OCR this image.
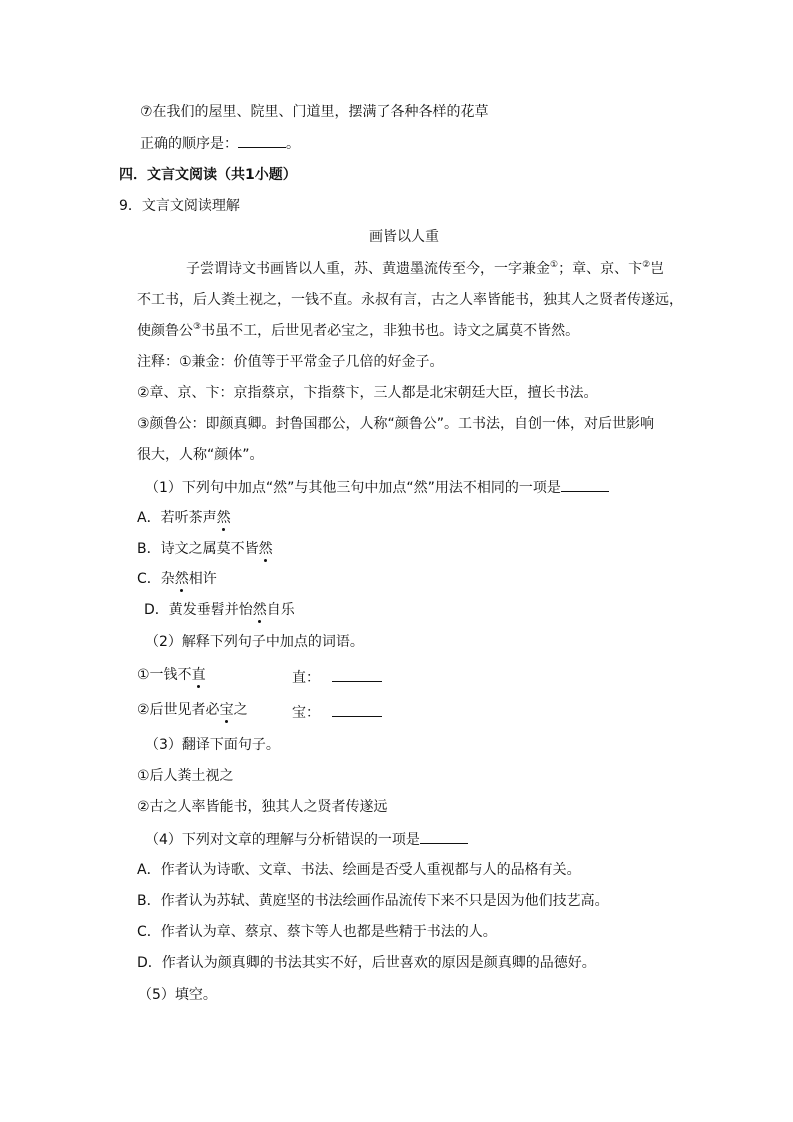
⑦在我们的屋里、院里、门道里，摆满了各种各样的花草
正确的顺序是：	。
四．文言文阅读（共1小题）
9．文言文阅读理解
画皆以人重
子尝谓诗文书画皆以人重，苏、黄遗墨流传至今，一字兼金①；章、京、卞②岂
不工书，后人粪土视之，一钱不直。永叔有言，古之人率皆能书，独其人之贤者传遂远，
使颜鲁公③书虽不工，后世见者必宝之，非独书也。诗文之属莫不皆然。
注释：①兼金：价值等于平常金子几倍的好金子。
②章、京、卞：京指蔡京，卞指蔡卞，三人都是北宋朝廷大臣，擅长书法。
③颜鲁公：即颜真卿。封鲁国郡公，人称“颜鲁公”。工书法，自创一体，对后世影响
很大，人称“颜体”。
（1）下列句中加点“然”与其他三句中加点“然”用法不相同的一项是
A．若听茶声然
B．诗文之属莫不皆然
C．杂然相许
D．黄发垂髫并怡然自乐
（2）解释下列句子中加点的词语。
①一钱不直	直：
②后世见者必宝之	宝：
（3）翻译下面句子。
①后人粪土视之
②古之人率皆能书，独其人之贤者传遂远
（4）下列对文章的理解与分析错误的一项是
A．作者认为诗歌、文章、书法、绘画是否受人重视都与人的品格有关。
B．作者认为苏轼、黄庭坚的书法绘画作品流传下来不只是因为他们技艺高。
C．作者认为章、蔡京、蔡卞等人也都是些精于书法的人。
D．作者认为颜真卿的书法其实不好，后世喜欢的原因是颜真卿的品德好。
（5）填空。
